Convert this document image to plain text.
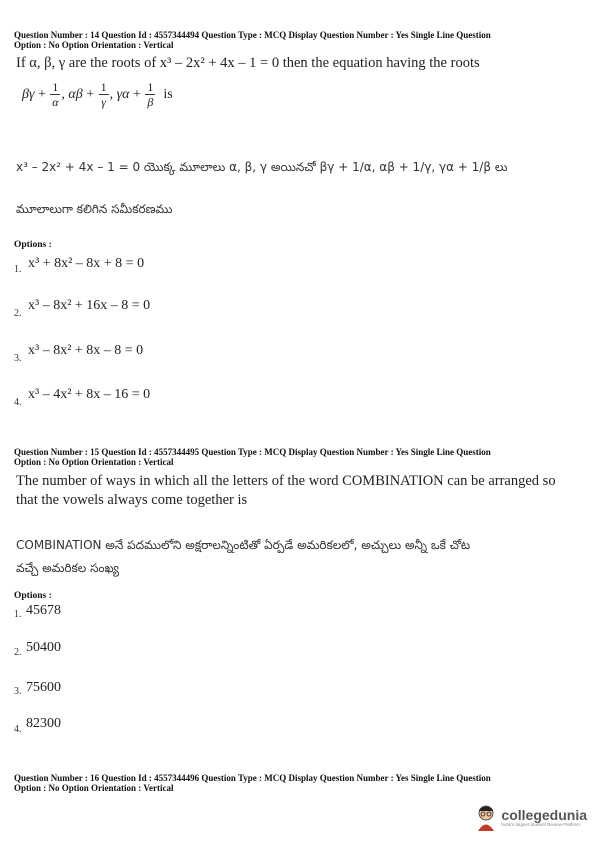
Question Number : 14 Question Id : 4557344494 Question Type : MCQ Display Question Number : Yes Single Line Question
Option : No Option Orientation : Vertical
If α, β, γ are the roots of x³ – 2x² + 4x – 1 = 0 then the equation having the roots
$\beta\gamma + \frac{1}{\alpha}$ , $\alpha\beta + \frac{1}{\gamma}$ , $\gamma\alpha + \frac{1}{\beta}$ is
x³ – 2x² + 4x – 1 = 0 యొక్క మూలాలు α, β, γ అయినచో βγ + 1/α, αβ + 1/γ, γα + 1/β లు
మూలాలుగా కలిగిన సమీకరణము
Options :
1. x³ + 8x² – 8x + 8 = 0
2.
x³ – 8x² + 16x – 8 = 0
3.
x³ – 8x² + 8x – 8 = 0
4.
x³ – 4x² + 8x – 16 = 0
Question Number : 15 Question Id : 4557344495 Question Type : MCQ Display Question Number : Yes Single Line Question
Option : No Option Orientation : Vertical
The number of ways in which all the letters of the word COMBINATION can be arranged so
that the vowels always come together is
COMBINATION అనే పదములోని అక్షరాలన్నింటితో ఏర్పడే అమరికలలో, అచ్చులు అన్నీ ఒకే చోట
వచ్చే అమరికల సంఖ్య
Options :
1. 45678
2. 50400
3. 75600
4. 82300
Question Number : 16 Question Id : 4557344496 Question Type : MCQ Display Question Number : Yes Single Line Question
Option : No Option Orientation : Vertical
collegedunia
India's largest Student Review Platform
